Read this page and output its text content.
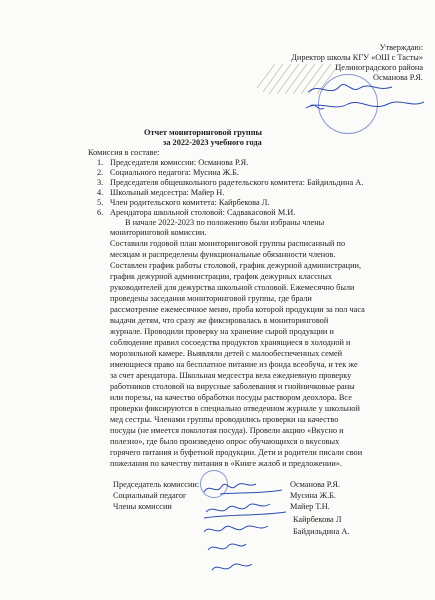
Утверждаю:
Директор школы КГУ «ОШ с Тасты»
Целиноградского района
Османова Р.Я.
Отчет мониторинговой группы
за 2022-2023 учебного года
Комиссия в составе:
1. Председателя комиссии: Османова Р.Я.
2. Социального педагога: Мусина Ж.Б.
3. Председателя общешкольного радетельского комитета: Байдильдина А.
4. Школьный медсестра: Майер Н.
5. Член родительского комитета: Кайрбекова Л.
6. Арендатора школьной столовой: Садвакасовой М.И.
В начале 2022-2023 по положению были избраны члены
мониторинговой комиссии.
Составили годовой план мониторинговой группы расписанный по
месяцам и распределены функциональные обязанности членов.
Составлен график работы столовой, график дежурной администрации,
график дежурной администрации, график дежурных классных
руководителей для дежурства школьной столовой. Ежемесячно были
проведены заседания мониторинговой группы, где брали
рассмотрение ежемесячное меню, проба которой продукции за пол часа
выдачи детям, что сразу же фиксировалась в мониторинговой
журнале. Проводили проверку на хранение сырой продукции и
соблюдение правил сосоедства продуктов хранящиеся в холодной и
морозильной камере. Выявляли детей с малообеспеченных семей
имеющиеся право на бесплатное питание из фонда всеобуча, и тек же
за счет арендатора. Школьная медсестра вела ежедневную проверку
работников столовой на вирусные заболевания и гнойничковые раны
или порезы, на качество обработки посуды раствором деохлора. Все
проверки фиксируются в специально отведенном журнале у школьной
мед сестры. Членами группы проводились проверки на качество
посуды (не имеется поколотая посуда). Провели акцию «Вкусно и
полезно», где было произведено опрос обучающихся о вкусовых
горячего питания и буфетной продукции. Дети и родители писали свои
пожелания по качеству питания в «Книге жалоб и предложении».
Председатель комиссии:	Османова Р.Я.
Социальный педагог	Мусина Ж.Б.
Члены комиссии	Майер Т.Н.
Кайрбекова Л
Байдильдина А.
